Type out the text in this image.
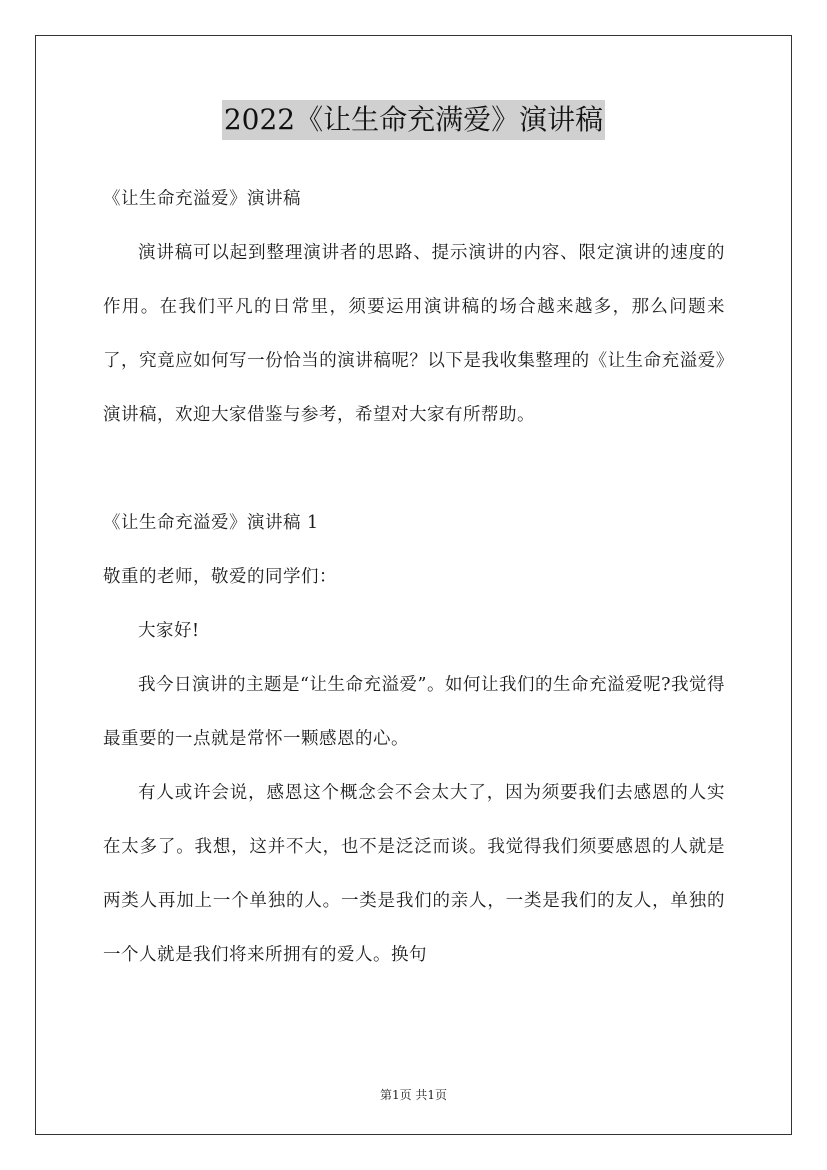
2022《让生命充满爱》演讲稿

《让生命充溢爱》演讲稿

演讲稿可以起到整理演讲者的思路、提示演讲的内容、限定演讲的速度的作用。在我们平凡的日常里，须要运用演讲稿的场合越来越多，那么问题来了，究竟应如何写一份恰当的演讲稿呢？以下是我收集整理的《让生命充溢爱》演讲稿，欢迎大家借鉴与参考，希望对大家有所帮助。

《让生命充溢爱》演讲稿 1

敬重的老师，敬爱的同学们：

大家好!

我今日演讲的主题是“让生命充溢爱”。如何让我们的生命充溢爱呢?我觉得最重要的一点就是常怀一颗感恩的心。

有人或许会说，感恩这个概念会不会太大了，因为须要我们去感恩的人实在太多了。我想，这并不大，也不是泛泛而谈。我觉得我们须要感恩的人就是两类人再加上一个单独的人。一类是我们的亲人，一类是我们的友人，单独的一个人就是我们将来所拥有的爱人。换句

第1页 共1页
